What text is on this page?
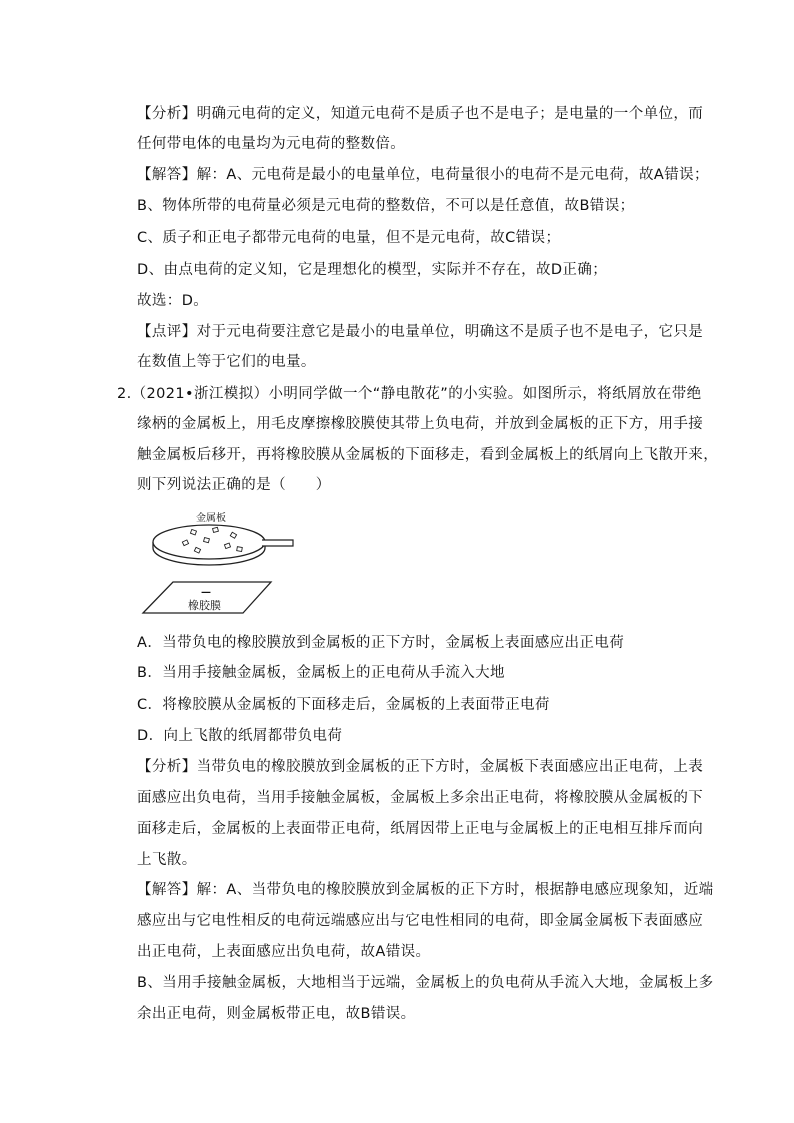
【分析】明确元电荷的定义，知道元电荷不是质子也不是电子；是电量的一个单位，而
任何带电体的电量均为元电荷的整数倍。
【解答】解：A、元电荷是最小的电量单位，电荷量很小的电荷不是元电荷，故A错误；
B、物体所带的电荷量必须是元电荷的整数倍，不可以是任意值，故B错误；
C、质子和正电子都带元电荷的电量，但不是元电荷，故C错误；
D、由点电荷的定义知，它是理想化的模型，实际并不存在，故D正确；
故选：D。
【点评】对于元电荷要注意它是最小的电量单位，明确这不是质子也不是电子，它只是
在数值上等于它们的电量。
2.（2021•浙江模拟）小明同学做一个“静电散花”的小实验。如图所示，将纸屑放在带绝
缘柄的金属板上，用毛皮摩擦橡胶膜使其带上负电荷，并放到金属板的正下方，用手接
触金属板后移开，再将橡胶膜从金属板的下面移走，看到金属板上的纸屑向上飞散开来，
则下列说法正确的是（　　）
金属板
—
橡胶膜
A．当带负电的橡胶膜放到金属板的正下方时，金属板上表面感应出正电荷
B．当用手接触金属板，金属板上的正电荷从手流入大地
C．将橡胶膜从金属板的下面移走后，金属板的上表面带正电荷
D．向上飞散的纸屑都带负电荷
【分析】当带负电的橡胶膜放到金属板的正下方时，金属板下表面感应出正电荷，上表
面感应出负电荷，当用手接触金属板，金属板上多余出正电荷，将橡胶膜从金属板的下
面移走后，金属板的上表面带正电荷，纸屑因带上正电与金属板上的正电相互排斥而向
上飞散。
【解答】解：A、当带负电的橡胶膜放到金属板的正下方时，根据静电感应现象知，近端
感应出与它电性相反的电荷远端感应出与它电性相同的电荷，即金属金属板下表面感应
出正电荷，上表面感应出负电荷，故A错误。
B、当用手接触金属板，大地相当于远端，金属板上的负电荷从手流入大地，金属板上多
余出正电荷，则金属板带正电，故B错误。
